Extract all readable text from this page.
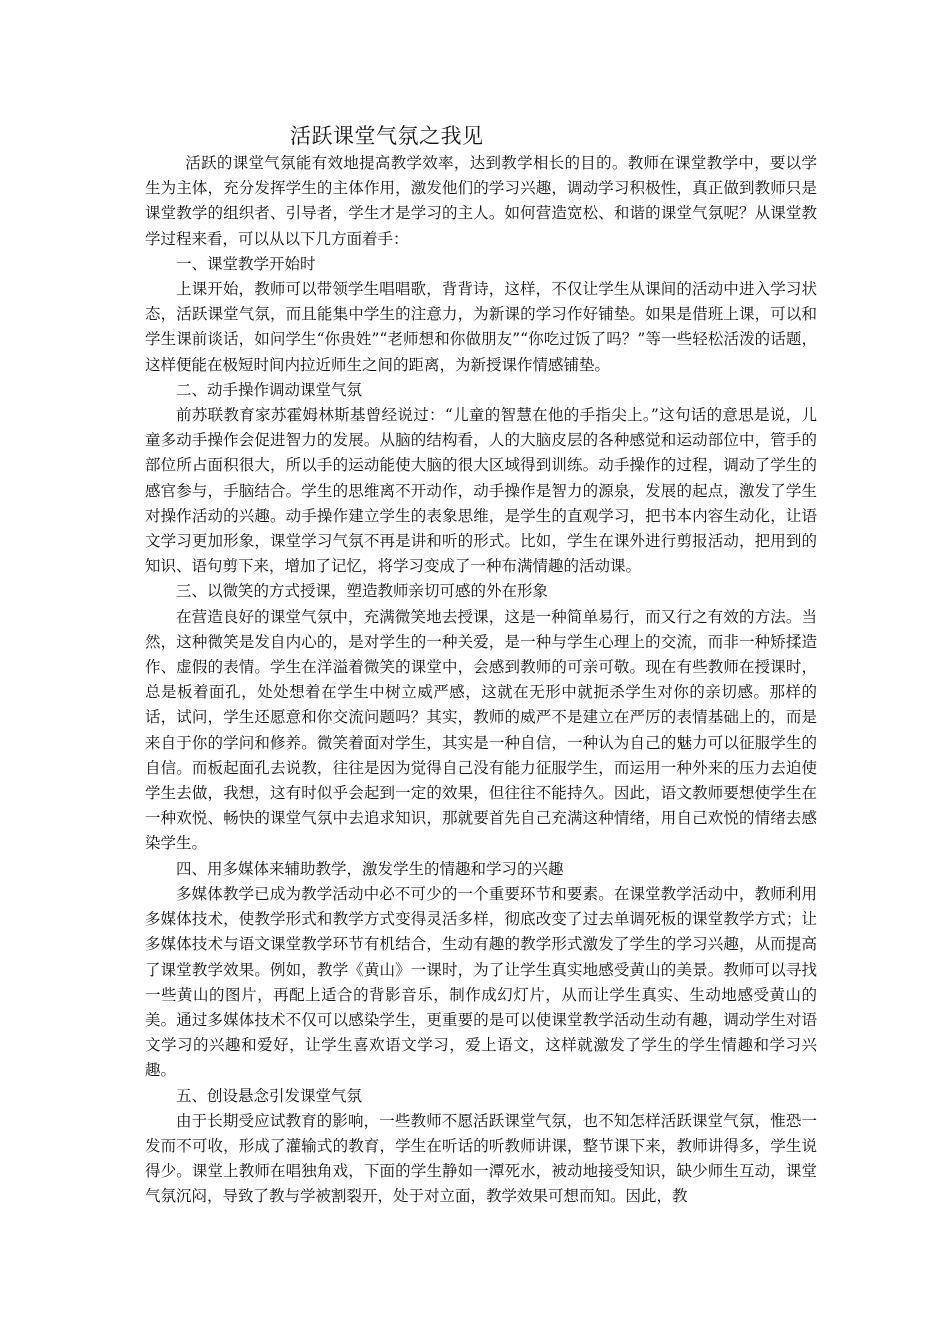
活跃课堂气氛之我见

活跃的课堂气氛能有效地提高教学效率，达到教学相长的目的。教师在课堂教学中，要以学生为主体，充分发挥学生的主体作用，激发他们的学习兴趣，调动学习积极性，真正做到教师只是课堂教学的组织者、引导者，学生才是学习的主人。如何营造宽松、和谐的课堂气氛呢？从课堂教学过程来看，可以从以下几方面着手：

一、课堂教学开始时

上课开始，教师可以带领学生唱唱歌，背背诗，这样，不仅让学生从课间的活动中进入学习状态，活跃课堂气氛，而且能集中学生的注意力，为新课的学习作好铺垫。如果是借班上课，可以和学生课前谈话，如问学生“你贵姓”“老师想和你做朋友”“你吃过饭了吗？”等一些轻松活泼的话题，这样便能在极短时间内拉近师生之间的距离，为新授课作情感铺垫。

二、动手操作调动课堂气氛

前苏联教育家苏霍姆林斯基曾经说过：“儿童的智慧在他的手指尖上。”这句话的意思是说，儿童多动手操作会促进智力的发展。从脑的结构看，人的大脑皮层的各种感觉和运动部位中，管手的部位所占面积很大，所以手的运动能使大脑的很大区域得到训练。动手操作的过程，调动了学生的感官参与，手脑结合。学生的思维离不开动作，动手操作是智力的源泉，发展的起点，激发了学生对操作活动的兴趣。动手操作建立学生的表象思维，是学生的直观学习，把书本内容生动化，让语文学习更加形象，课堂学习气氛不再是讲和听的形式。比如，学生在课外进行剪报活动，把用到的知识、语句剪下来，增加了记忆，将学习变成了一种布满情趣的活动课。

三、以微笑的方式授课，塑造教师亲切可感的外在形象

在营造良好的课堂气氛中，充满微笑地去授课，这是一种简单易行，而又行之有效的方法。当然，这种微笑是发自内心的，是对学生的一种关爱，是一种与学生心理上的交流，而非一种矫揉造作、虚假的表情。学生在洋溢着微笑的课堂中，会感到教师的可亲可敬。现在有些教师在授课时，总是板着面孔，处处想着在学生中树立威严感，这就在无形中就扼杀学生对你的亲切感。那样的话，试问，学生还愿意和你交流问题吗？其实，教师的威严不是建立在严厉的表情基础上的，而是来自于你的学问和修养。微笑着面对学生，其实是一种自信，一种认为自己的魅力可以征服学生的自信。而板起面孔去说教，往往是因为觉得自己没有能力征服学生，而运用一种外来的压力去迫使学生去做，我想，这有时似乎会起到一定的效果，但往往不能持久。因此，语文教师要想使学生在一种欢悦、畅快的课堂气氛中去追求知识，那就要首先自己充满这种情绪，用自己欢悦的情绪去感染学生。

四、用多媒体来辅助教学，激发学生的情趣和学习的兴趣

多媒体教学已成为教学活动中必不可少的一个重要环节和要素。在课堂教学活动中，教师利用多媒体技术，使教学形式和教学方式变得灵活多样，彻底改变了过去单调死板的课堂教学方式；让多媒体技术与语文课堂教学环节有机结合，生动有趣的教学形式激发了学生的学习兴趣，从而提高了课堂教学效果。例如，教学《黄山》一课时，为了让学生真实地感受黄山的美景。教师可以寻找一些黄山的图片，再配上适合的背影音乐，制作成幻灯片，从而让学生真实、生动地感受黄山的美。通过多媒体技术不仅可以感染学生，更重要的是可以使课堂教学活动生动有趣，调动学生对语文学习的兴趣和爱好，让学生喜欢语文学习，爱上语文，这样就激发了学生的学生情趣和学习兴趣。

五、创设悬念引发课堂气氛

由于长期受应试教育的影响，一些教师不愿活跃课堂气氛，也不知怎样活跃课堂气氛，惟恐一发而不可收，形成了灌输式的教育，学生在听话的听教师讲课，整节课下来，教师讲得多，学生说得少。课堂上教师在唱独角戏，下面的学生静如一潭死水，被动地接受知识，缺少师生互动，课堂气氛沉闷，导致了教与学被割裂开，处于对立面，教学效果可想而知。因此，教
